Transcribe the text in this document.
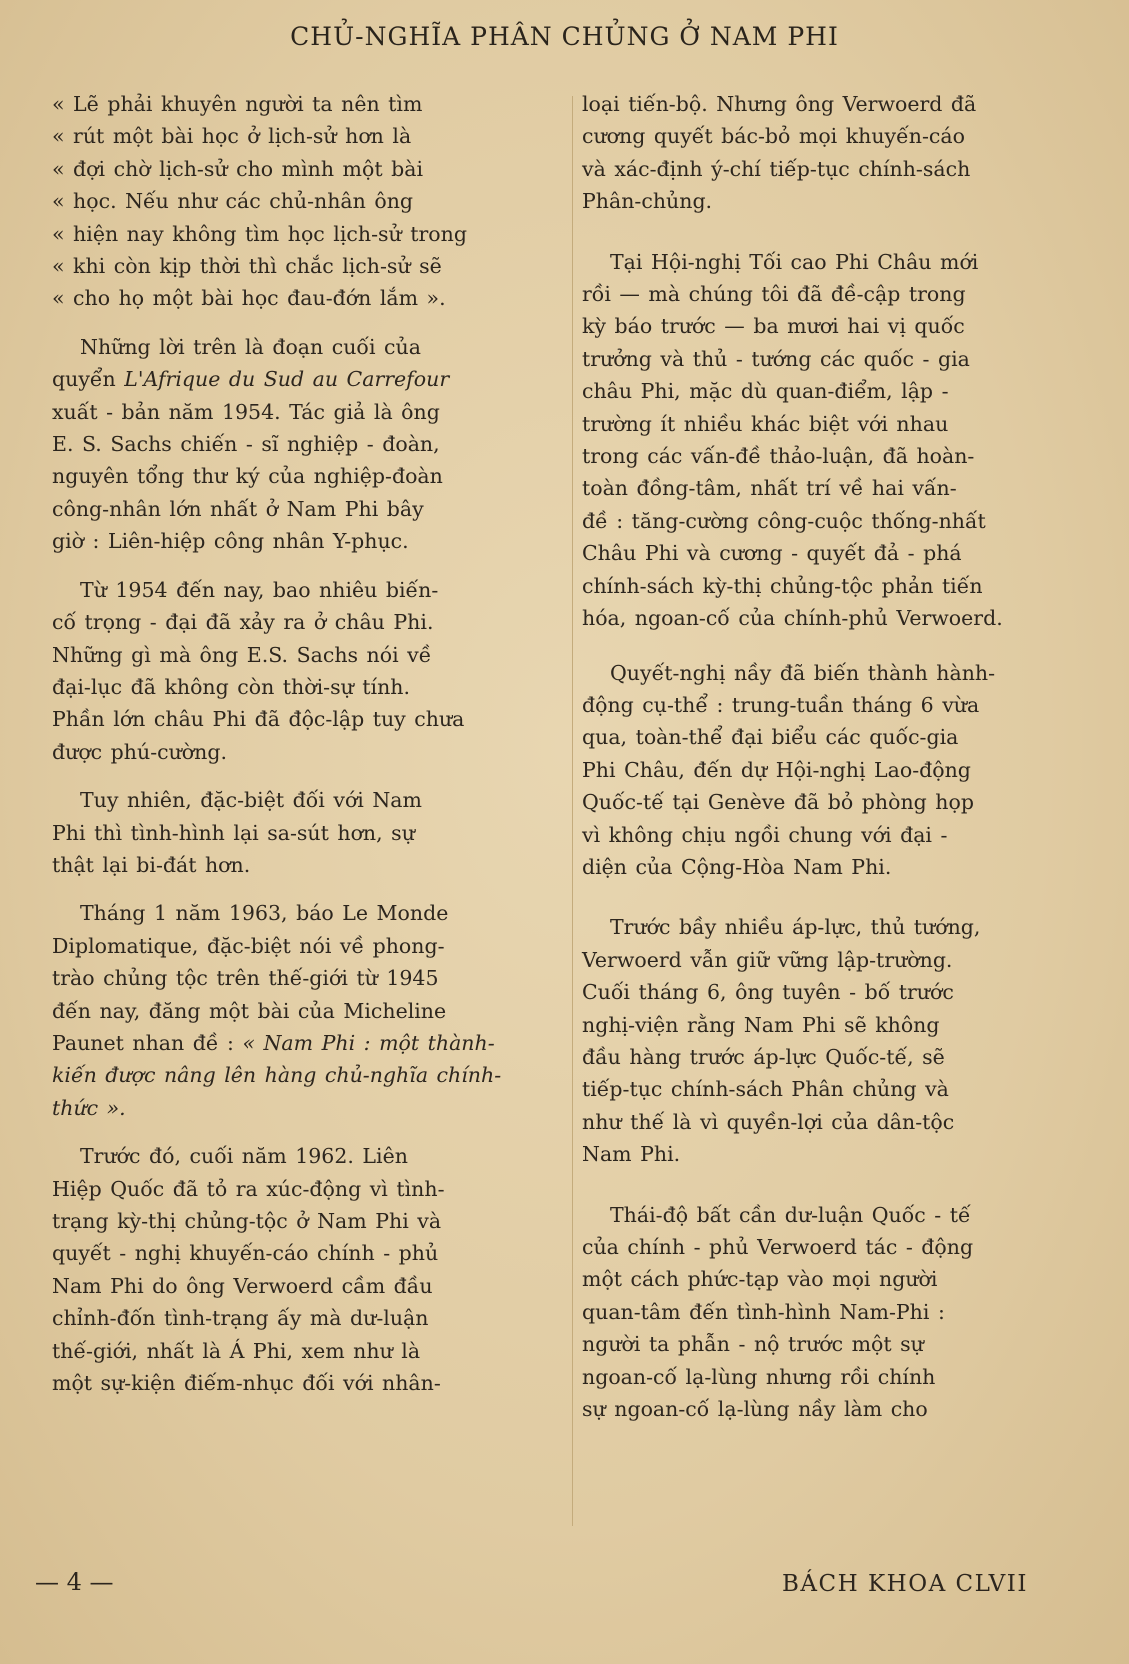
CHỦ-NGHĨA PHÂN CHỦNG Ở NAM PHI

« Lẽ phải khuyên người ta nên tìm
« rút một bài học ở lịch-sử hơn là
« đợi chờ lịch-sử cho mình một bài
« học. Nếu như các chủ-nhân ông
« hiện nay không tìm học lịch-sử trong
« khi còn kịp thời thì chắc lịch-sử sẽ
« cho họ một bài học đau-đớn lắm ».

Những lời trên là đoạn cuối của
quyển L'Afrique du Sud au Carrefour
xuất - bản năm 1954. Tác giả là ông
E. S. Sachs chiến - sĩ nghiệp - đoàn,
nguyên tổng thư ký của nghiệp-đoàn
công-nhân lớn nhất ở Nam Phi bây
giờ : Liên-hiệp công nhân Y-phục.

Từ 1954 đến nay, bao nhiêu biến-
cố trọng - đại đã xảy ra ở châu Phi.
Những gì mà ông E.S. Sachs nói về
đại-lục đã không còn thời-sự tính.
Phần lớn châu Phi đã độc-lập tuy chưa
được phú-cường.

Tuy nhiên, đặc-biệt đối với Nam
Phi thì tình-hình lại sa-sút hơn, sự
thật lại bi-đát hơn.

Tháng 1 năm 1963, báo Le Monde
Diplomatique, đặc-biệt nói về phong-
trào chủng tộc trên thế-giới từ 1945
đến nay, đăng một bài của Micheline
Paunet nhan đề : « Nam Phi : một thành-
kiến được nâng lên hàng chủ-nghĩa chính-
thức ».

Trước đó, cuối năm 1962. Liên
Hiệp Quốc đã tỏ ra xúc-động vì tình-
trạng kỳ-thị chủng-tộc ở Nam Phi và
quyết - nghị khuyến-cáo chính - phủ
Nam Phi do ông Verwoerd cầm đầu
chỉnh-đốn tình-trạng ấy mà dư-luận
thế-giới, nhất là Á Phi, xem như là
một sự-kiện điếm-nhục đối với nhân-

loại tiến-bộ. Nhưng ông Verwoerd đã
cương quyết bác-bỏ mọi khuyến-cáo
và xác-định ý-chí tiếp-tục chính-sách
Phân-chủng.

Tại Hội-nghị Tối cao Phi Châu mới
rồi — mà chúng tôi đã đề-cập trong
kỳ báo trước — ba mươi hai vị quốc
trưởng và thủ - tướng các quốc - gia
châu Phi, mặc dù quan-điểm, lập -
trường ít nhiều khác biệt với nhau
trong các vấn-đề thảo-luận, đã hoàn-
toàn đồng-tâm, nhất trí về hai vấn-
đề : tăng-cường công-cuộc thống-nhất
Châu Phi và cương - quyết đả - phá
chính-sách kỳ-thị chủng-tộc phản tiến
hóa, ngoan-cố của chính-phủ Verwoerd.

Quyết-nghị nầy đã biến thành hành-
động cụ-thể : trung-tuần tháng 6 vừa
qua, toàn-thể đại biểu các quốc-gia
Phi Châu, đến dự Hội-nghị Lao-động
Quốc-tế tại Genève đã bỏ phòng họp
vì không chịu ngồi chung với đại -
diện của Cộng-Hòa Nam Phi.

Trước bầy nhiều áp-lực, thủ tướng,
Verwoerd vẫn giữ vững lập-trường.
Cuối tháng 6, ông tuyên - bố trước
nghị-viện rằng Nam Phi sẽ không
đầu hàng trước áp-lực Quốc-tế, sẽ
tiếp-tục chính-sách Phân chủng và
như thế là vì quyền-lợi của dân-tộc
Nam Phi.

Thái-độ bất cần dư-luận Quốc - tế
của chính - phủ Verwoerd tác - động
một cách phức-tạp vào mọi người
quan-tâm đến tình-hình Nam-Phi :
người ta phẫn - nộ trước một sự
ngoan-cố lạ-lùng nhưng rồi chính
sự ngoan-cố lạ-lùng nầy làm cho

— 4 —	BÁCH KHOA CLVII
